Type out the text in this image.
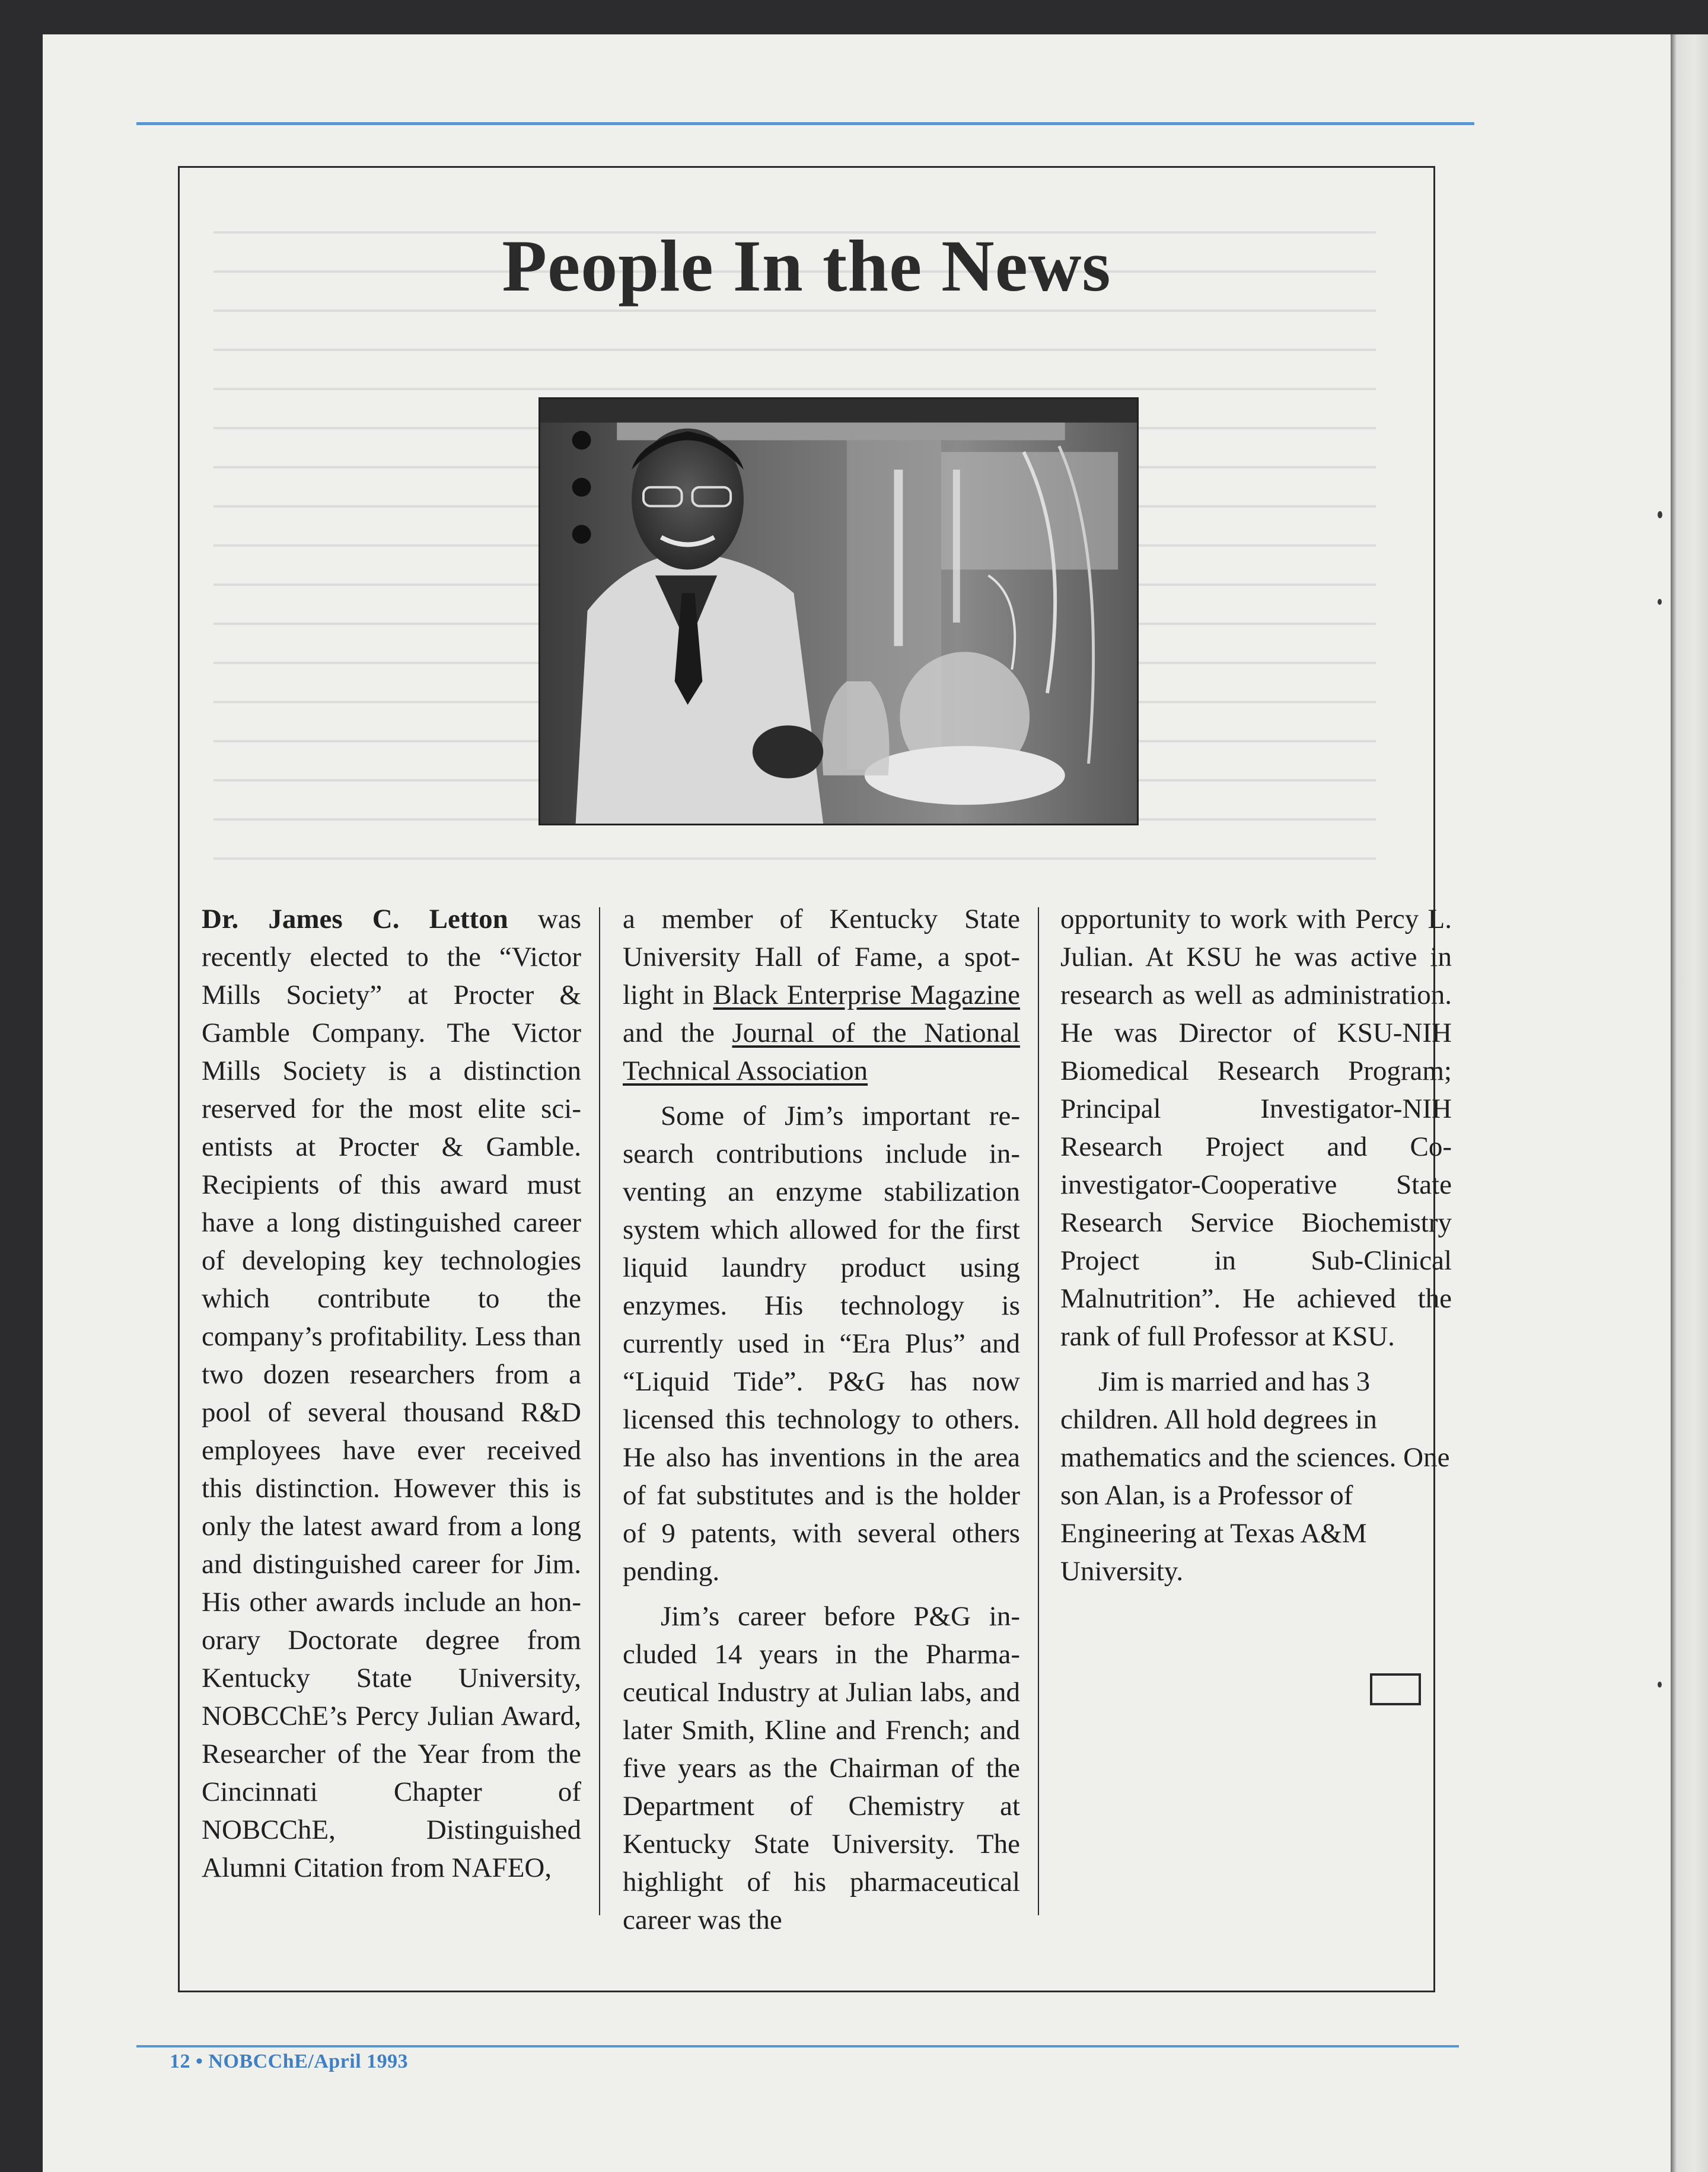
People In the News

Dr. James C. Letton was recently elected to the “Victor Mills Society” at Procter & Gamble Company. The Victor Mills Society is a distinction reserved for the most elite scientists at Procter & Gamble. Recipients of this award must have a long distinguished career of developing key technologies which contribute to the company’s profitability. Less than two dozen researchers from a pool of several thousand R&D employees have ever received this distinction. However this is only the latest award from a long and distinguished career for Jim. His other awards include an honorary Doctorate degree from Kentucky State University, NOBCChE’s Percy Julian Award, Researcher of the Year from the Cincinnati Chapter of NOBCChE, Distinguished Alumni Citation from NAFEO,

a member of Kentucky State University Hall of Fame, a spotlight in Black Enterprise Magazine and the Journal of the National Technical Association

Some of Jim’s important research contributions include inventing an enzyme stabilization system which allowed for the first liquid laundry product using enzymes. His technology is currently used in “Era Plus” and “Liquid Tide”. P&G has now licensed this technology to others. He also has inventions in the area of fat substitutes and is the holder of 9 patents, with several others pending.

Jim’s career before P&G included 14 years in the Pharmaceutical Industry at Julian labs, and later Smith, Kline and French; and five years as the Chairman of the Department of Chemistry at Kentucky State University. The highlight of his pharmaceutical career was the

opportunity to work with Percy L. Julian. At KSU he was active in research as well as administration. He was Director of KSU-NIH Biomedical Research Program; Principal Investigator-NIH Research Project and Co-investigator-Cooperative State Research Service Biochemistry Project in Sub-Clinical Malnutrition”. He achieved the rank of full Professor at KSU.

Jim is married and has 3 children. All hold degrees in mathematics and the sciences. One son Alan, is a Professor of Engineering at Texas A&M University.

12 • NOBCChE/April 1993
